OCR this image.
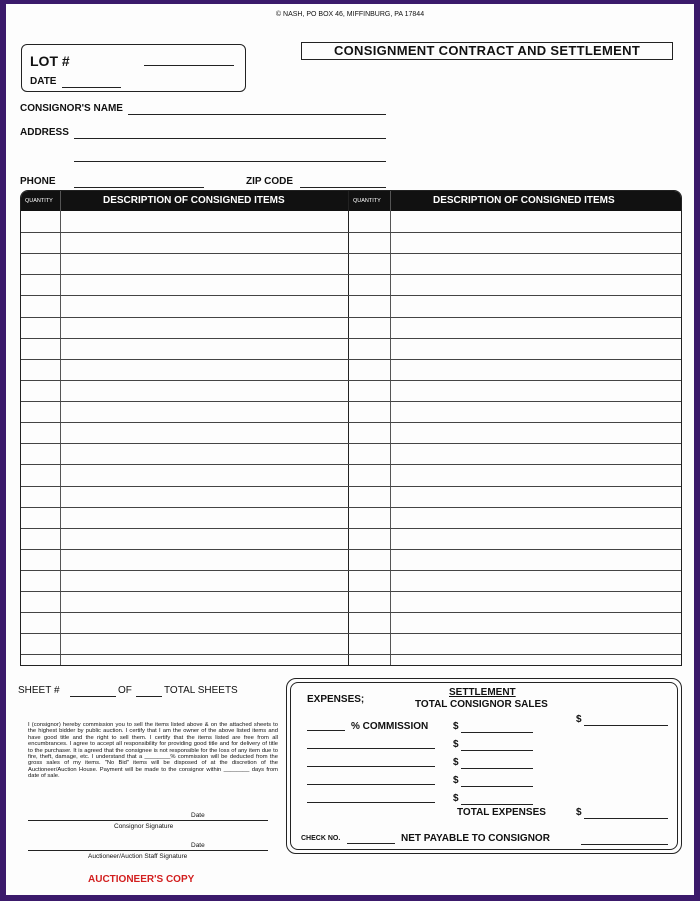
© NASH, PO BOX 46, MIFFINBURG, PA 17844
LOT #
DATE
CONSIGNMENT CONTRACT AND SETTLEMENT
CONSIGNOR'S NAME
ADDRESS
PHONE	ZIP CODE
QUANTITY	DESCRIPTION OF CONSIGNED ITEMS	QUANTITY	DESCRIPTION OF CONSIGNED ITEMS
SHEET #	OF	TOTAL SHEETS
I (consignor) hereby commission you to sell the items listed above & on the attached sheets to the highest bidder by public auction. I certify that I am the owner of the above listed items and have good title and the right to sell them. I certify that the items listed are free from all encumbrances. I agree to accept all responsibility for providing good title and for delivery of title to the purchaser. It is agreed that the consignee is not responsible for the loss of any item due to fire, theft, damage, etc. I understand that a ________% commission will be deducted from the gross sales of my items. "No Bid" items will be disposed of at the discretion of the Auctioneer/Auction House. Payment will be made to the consignor within ________ days from date of sale.
Date
Consignor Signature
Date
Auctioneer/Auction Staff Signature
AUCTIONEER'S COPY
EXPENSES;
SETTLEMENT
TOTAL CONSIGNOR SALES
$
% COMMISSION $
$
$
$
$
TOTAL EXPENSES	$
CHECK NO.	NET PAYABLE TO CONSIGNOR
